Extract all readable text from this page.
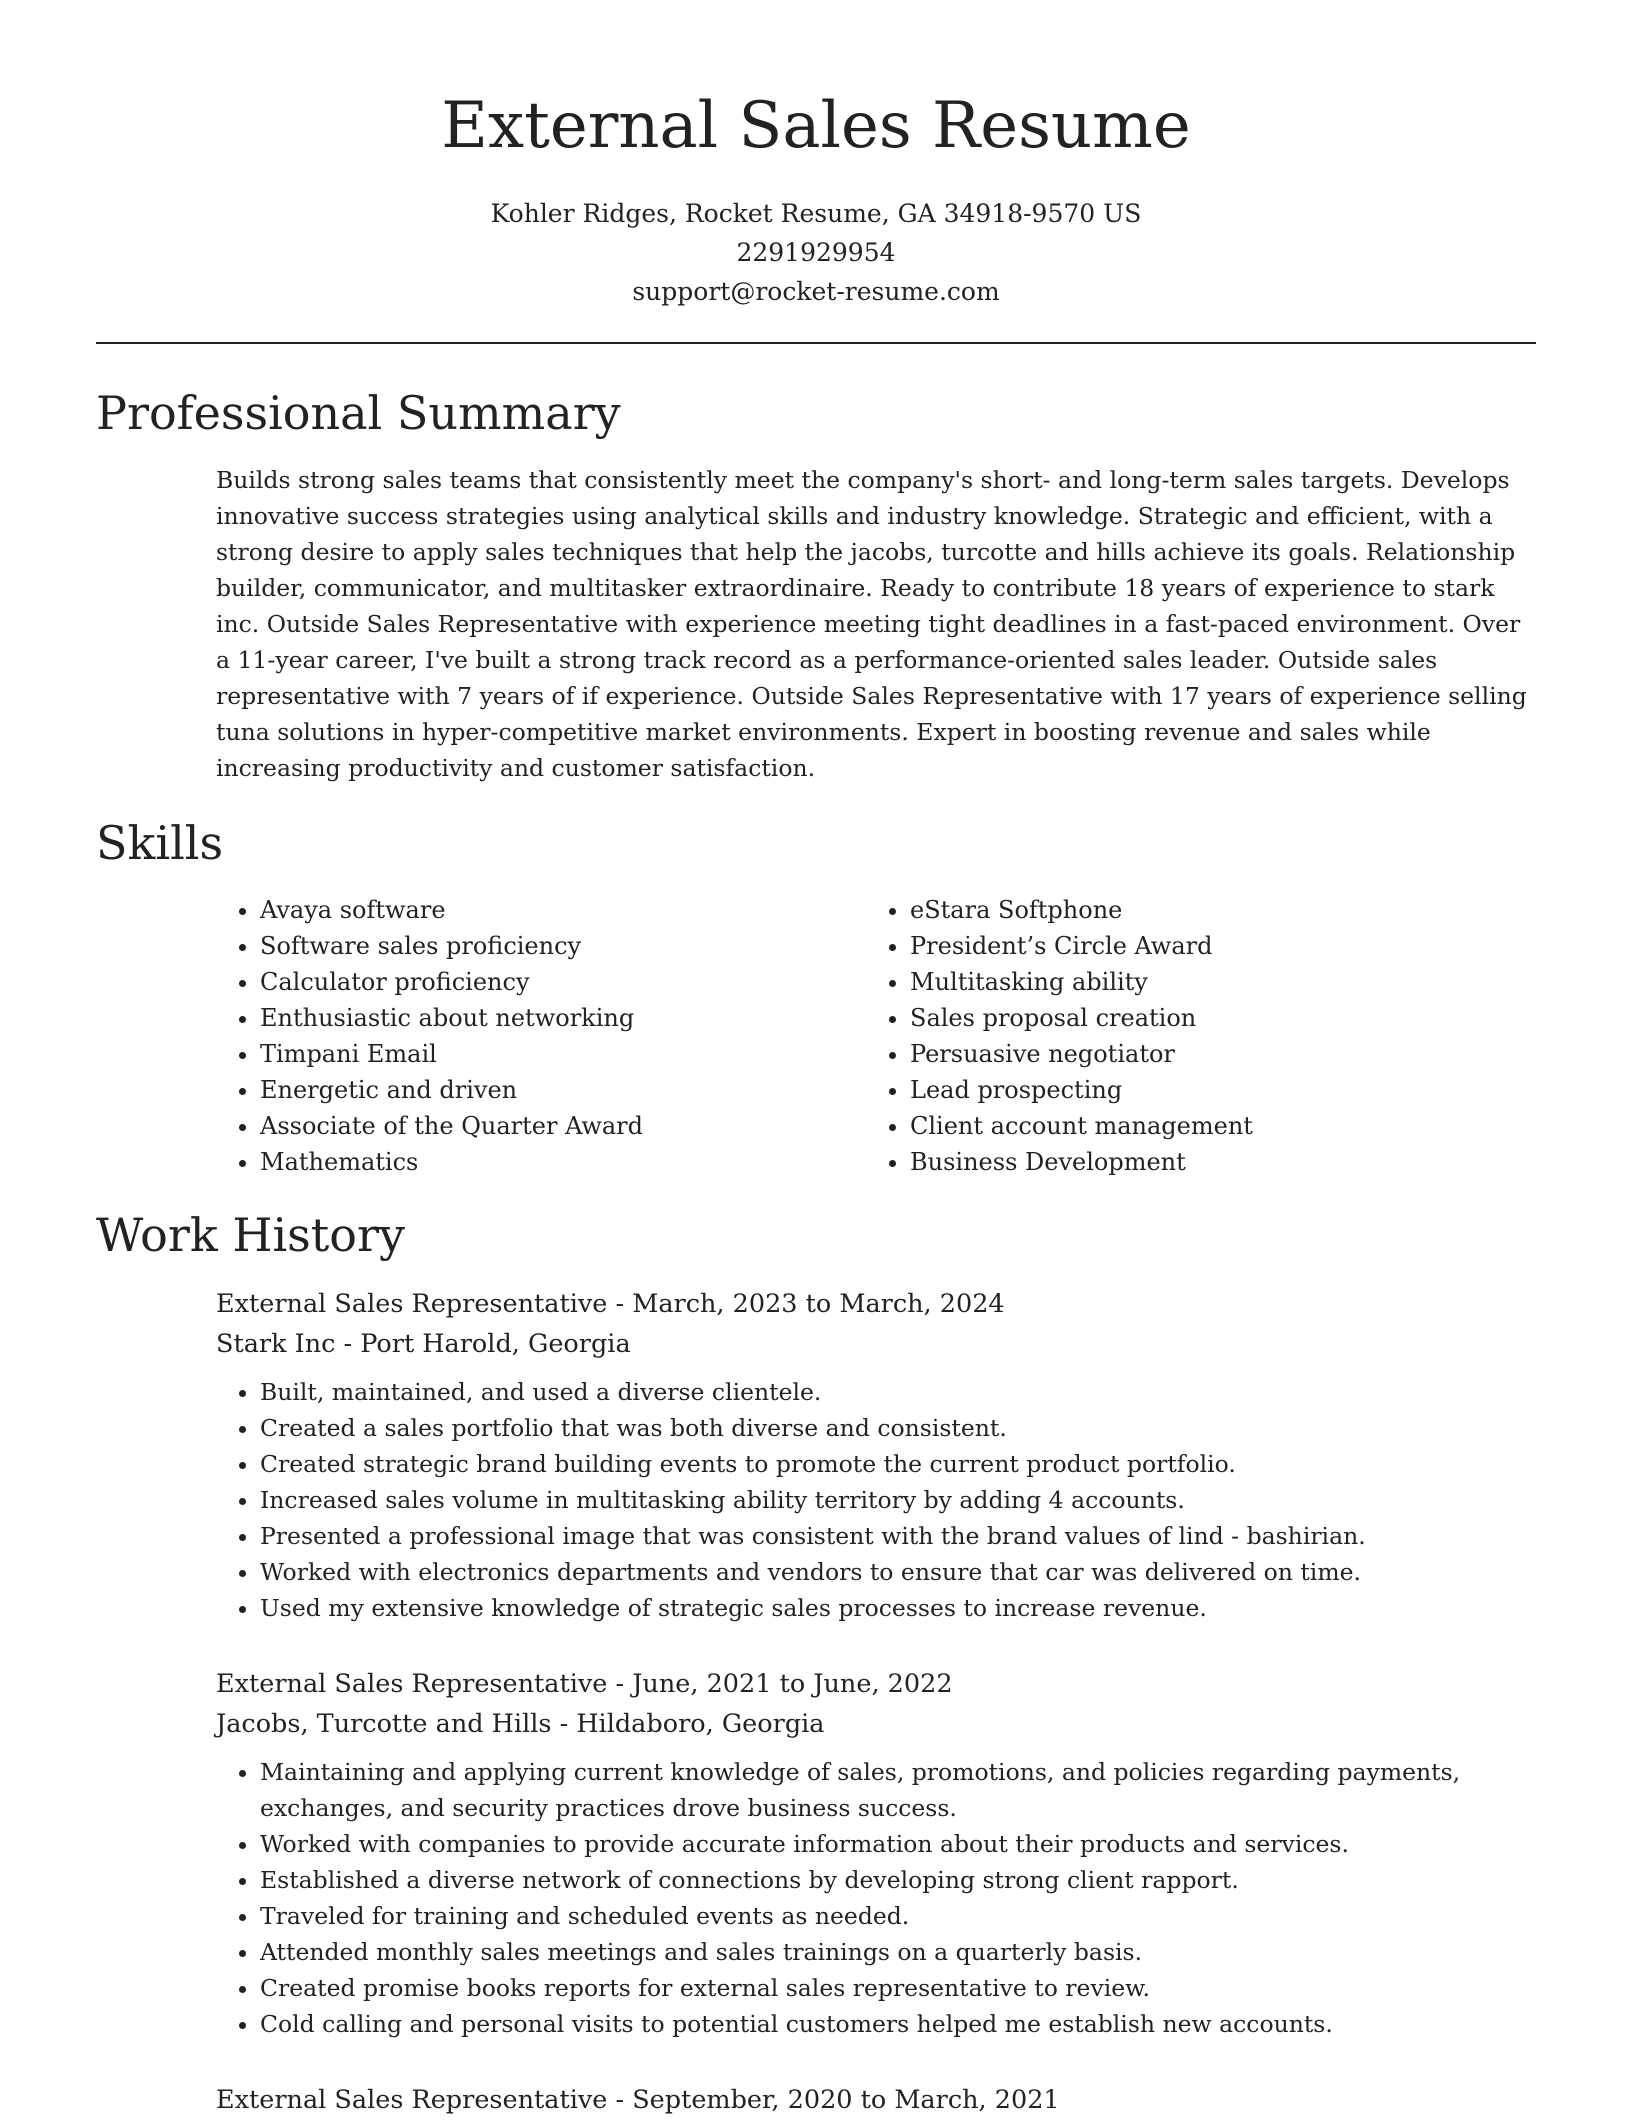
External Sales Resume
Kohler Ridges, Rocket Resume, GA 34918-9570 US
2291929954
support@rocket-resume.com
Professional Summary
Builds strong sales teams that consistently meet the company's short- and long-term sales targets. Develops innovative success strategies using analytical skills and industry knowledge. Strategic and efficient, with a strong desire to apply sales techniques that help the jacobs, turcotte and hills achieve its goals. Relationship builder, communicator, and multitasker extraordinaire. Ready to contribute 18 years of experience to stark inc. Outside Sales Representative with experience meeting tight deadlines in a fast-paced environment. Over a 11-year career, I've built a strong track record as a performance-oriented sales leader. Outside sales representative with 7 years of if experience. Outside Sales Representative with 17 years of experience selling tuna solutions in hyper-competitive market environments. Expert in boosting revenue and sales while increasing productivity and customer satisfaction.
Skills
• Avaya software
• Software sales proficiency
• Calculator proficiency
• Enthusiastic about networking
• Timpani Email
• Energetic and driven
• Associate of the Quarter Award
• Mathematics
• eStara Softphone
• President’s Circle Award
• Multitasking ability
• Sales proposal creation
• Persuasive negotiator
• Lead prospecting
• Client account management
• Business Development
Work History
External Sales Representative - March, 2023 to March, 2024
Stark Inc - Port Harold, Georgia
• Built, maintained, and used a diverse clientele.
• Created a sales portfolio that was both diverse and consistent.
• Created strategic brand building events to promote the current product portfolio.
• Increased sales volume in multitasking ability territory by adding 4 accounts.
• Presented a professional image that was consistent with the brand values of lind - bashirian.
• Worked with electronics departments and vendors to ensure that car was delivered on time.
• Used my extensive knowledge of strategic sales processes to increase revenue.
External Sales Representative - June, 2021 to June, 2022
Jacobs, Turcotte and Hills - Hildaboro, Georgia
• Maintaining and applying current knowledge of sales, promotions, and policies regarding payments, exchanges, and security practices drove business success.
• Worked with companies to provide accurate information about their products and services.
• Established a diverse network of connections by developing strong client rapport.
• Traveled for training and scheduled events as needed.
• Attended monthly sales meetings and sales trainings on a quarterly basis.
• Created promise books reports for external sales representative to review.
• Cold calling and personal visits to potential customers helped me establish new accounts.
External Sales Representative - September, 2020 to March, 2021
